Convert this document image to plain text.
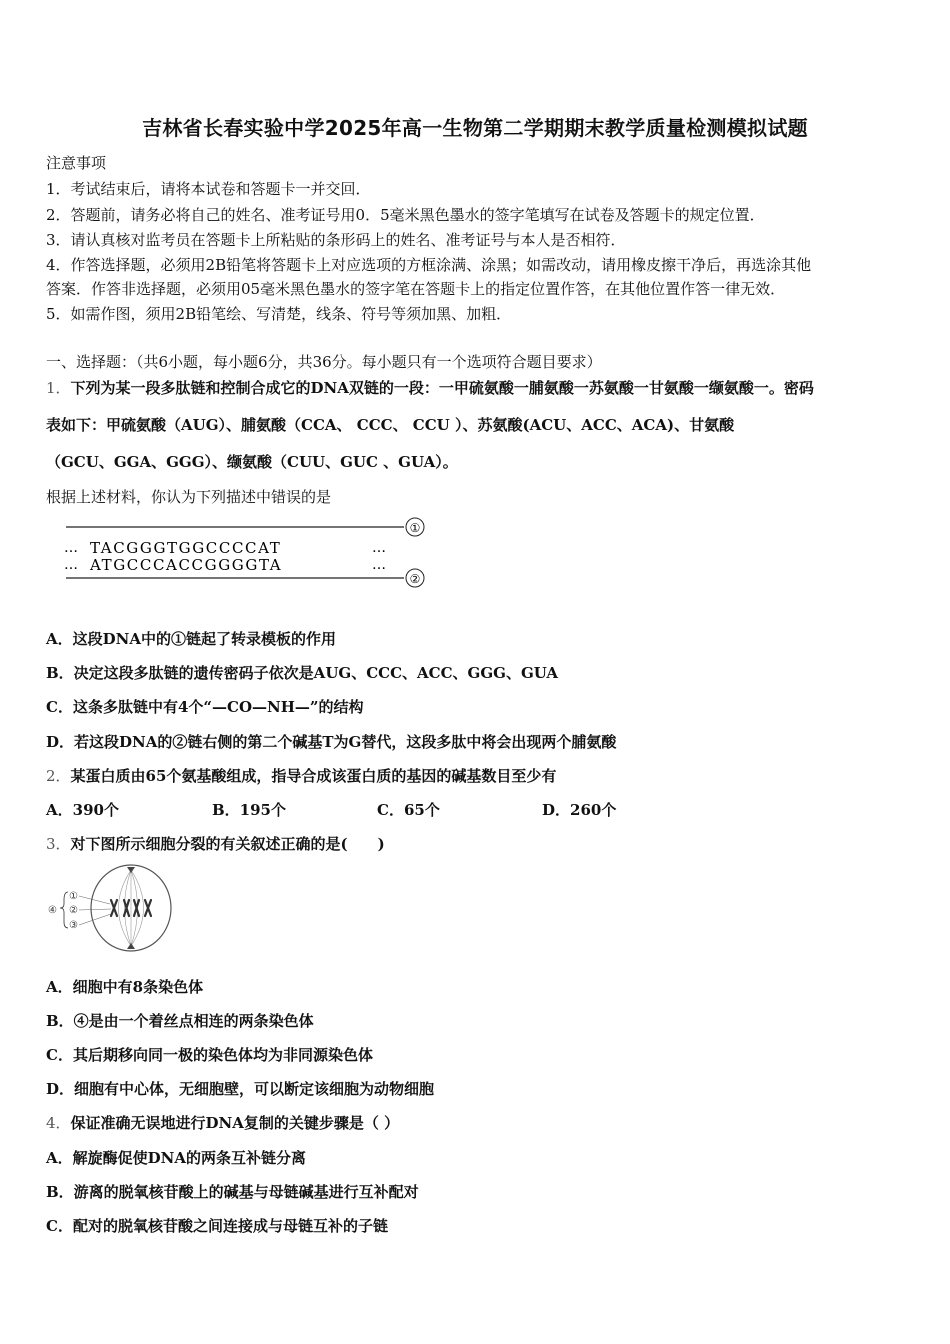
吉林省长春实验中学2025年高一生物第二学期期末教学质量检测模拟试题
注意事项
1．考试结束后，请将本试卷和答题卡一并交回．
2．答题前，请务必将自己的姓名、准考证号用0．5毫米黑色墨水的签字笔填写在试卷及答题卡的规定位置．
3．请认真核对监考员在答题卡上所粘贴的条形码上的姓名、准考证号与本人是否相符．
4．作答选择题，必须用2B铅笔将答题卡上对应选项的方框涂满、涂黑；如需改动，请用橡皮擦干净后，再选涂其他
答案．作答非选择题，必须用05毫米黑色墨水的签字笔在答题卡上的指定位置作答，在其他位置作答一律无效．
5．如需作图，须用2B铅笔绘、写清楚，线条、符号等须加黑、加粗．
一、选择题：（共6小题，每小题6分，共36分。每小题只有一个选项符合题目要求）
1．下列为某一段多肽链和控制合成它的DNA双链的一段：一甲硫氨酸一脯氨酸一苏氨酸一甘氨酸一缬氨酸一。密码
表如下：甲硫氨酸（AUG）、脯氨酸（CCA、 CCC、 CCU ）、苏氨酸(ACU、ACC、ACA)、甘氨酸
（GCU、GGA、GGG）、缬氨酸（CUU、GUC 、GUA）。
根据上述材料，你认为下列描述中错误的是
①
… TACGGGTGGCCCCAT	…
… ATGCCCACCGGGGTA	…
②
A．这段DNA中的①链起了转录模板的作用
B．决定这段多肽链的遗传密码子依次是AUG、CCC、ACC、GGG、GUA
C．这条多肽链中有4个“—CO—NH—”的结构
D．若这段DNA的②链右侧的第二个碱基T为G替代，这段多肽中将会出现两个脯氨酸
2．某蛋白质由65个氨基酸组成，指导合成该蛋白质的基因的碱基数目至少有
A．390个	B．195个	C．65个	D．260个
3．对下图所示细胞分裂的有关叙述正确的是(　　)
①
②
③
④
A．细胞中有8条染色体
B．④是由一个着丝点相连的两条染色体
C．其后期移向同一极的染色体均为非同源染色体
D．细胞有中心体，无细胞壁，可以断定该细胞为动物细胞
4．保证准确无误地进行DNA复制的关键步骤是（ ）
A．解旋酶促使DNA的两条互补链分离
B．游离的脱氧核苷酸上的碱基与母链碱基进行互补配对
C．配对的脱氧核苷酸之间连接成与母链互补的子链
